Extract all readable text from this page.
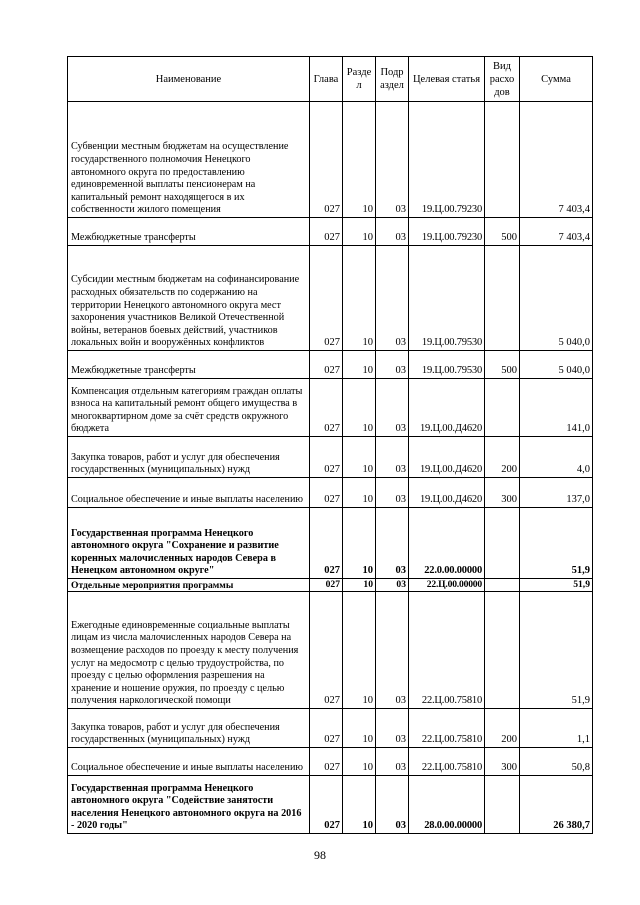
Наименование	Глава	Разде л	Подр аздел	Целевая статья	Вид расхо дов	Сумма
Субвенции местным бюджетам на осуществление государственного полномочия Ненецкого автономного округа по предоставлению единовременной выплаты пенсионерам на капитальный ремонт находящегося в их собственности жилого помещения	027	10	03	19.Ц.00.79230		7 403,4
Межбюджетные трансферты	027	10	03	19.Ц.00.79230	500	7 403,4
Субсидии местным бюджетам на софинансирование расходных обязательств по содержанию на территории Ненецкого автономного округа мест захоронения участников Великой Отечественной войны, ветеранов боевых действий, участников локальных войн и вооружённых конфликтов	027	10	03	19.Ц.00.79530		5 040,0
Межбюджетные трансферты	027	10	03	19.Ц.00.79530	500	5 040,0
Компенсация отдельным категориям граждан оплаты взноса на капитальный ремонт общего имущества в многоквартирном доме за счёт средств окружного бюджета	027	10	03	19.Ц.00.Д4620		141,0
Закупка товаров, работ и услуг для обеспечения государственных (муниципальных) нужд	027	10	03	19.Ц.00.Д4620	200	4,0
Социальное обеспечение и иные выплаты населению	027	10	03	19.Ц.00.Д4620	300	137,0
Государственная программа Ненецкого автономного округа "Сохранение и развитие коренных малочисленных народов Севера в Ненецком автономном округе"	027	10	03	22.0.00.00000		51,9
Отдельные мероприятия программы	027	10	03	22.Ц.00.00000		51,9
Ежегодные единовременные социальные выплаты лицам из числа малочисленных народов Севера на возмещение расходов по проезду к месту получения услуг на медосмотр с целью трудоустройства, по проезду с целью оформления разрешения на хранение и ношение оружия, по проезду с целью получения наркологической помощи	027	10	03	22.Ц.00.75810		51,9
Закупка товаров, работ и услуг для обеспечения государственных (муниципальных) нужд	027	10	03	22.Ц.00.75810	200	1,1
Социальное обеспечение и иные выплаты населению	027	10	03	22.Ц.00.75810	300	50,8
Государственная программа Ненецкого автономного округа "Содействие занятости населения Ненецкого автономного округа на 2016 - 2020 годы"	027	10	03	28.0.00.00000		26 380,7
98
